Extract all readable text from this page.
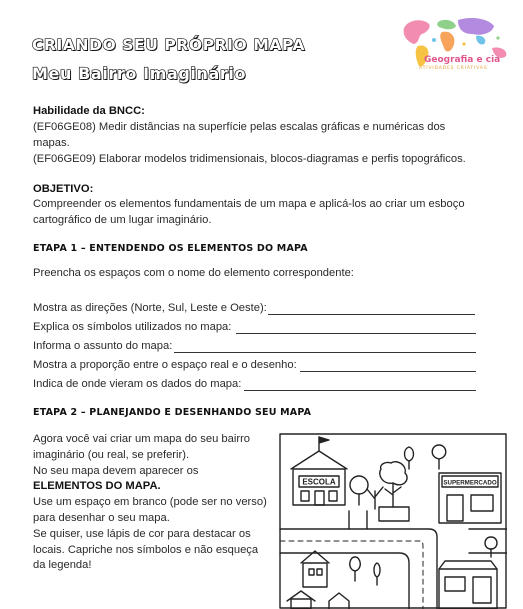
CRIANDO SEU PRÓPRIO MAPA
Meu Bairro Imaginário
Geografia e cia
ATIVIDADES CRIATIVAS
Habilidade da BNCC:
(EF06GE08) Medir distâncias na superfície pelas escalas gráficas e numéricas dos
mapas.
(EF06GE09) Elaborar modelos tridimensionais, blocos-diagramas e perfis topográficos.
OBJETIVO:
Compreender os elementos fundamentais de um mapa e aplicá-los ao criar um esboço
cartográfico de um lugar imaginário.
ETAPA 1 – ENTENDENDO OS ELEMENTOS DO MAPA
Preencha os espaços com o nome do elemento correspondente:
Mostra as direções (Norte, Sul, Leste e Oeste):
Explica os símbolos utilizados no mapa:
Informa o assunto do mapa:
Mostra a proporção entre o espaço real e o desenho:
Indica de onde vieram os dados do mapa:
ETAPA 2 – PLANEJANDO E DESENHANDO SEU MAPA
Agora você vai criar um mapa do seu bairro imaginário (ou real, se preferir).
No seu mapa devem aparecer os ELEMENTOS DO MAPA.
Use um espaço em branco (pode ser no verso) para desenhar o seu mapa.
Se quiser, use lápis de cor para destacar os locais. Capriche nos símbolos e não esqueça da legenda!
ESCOLA	SUPERMERCADO
